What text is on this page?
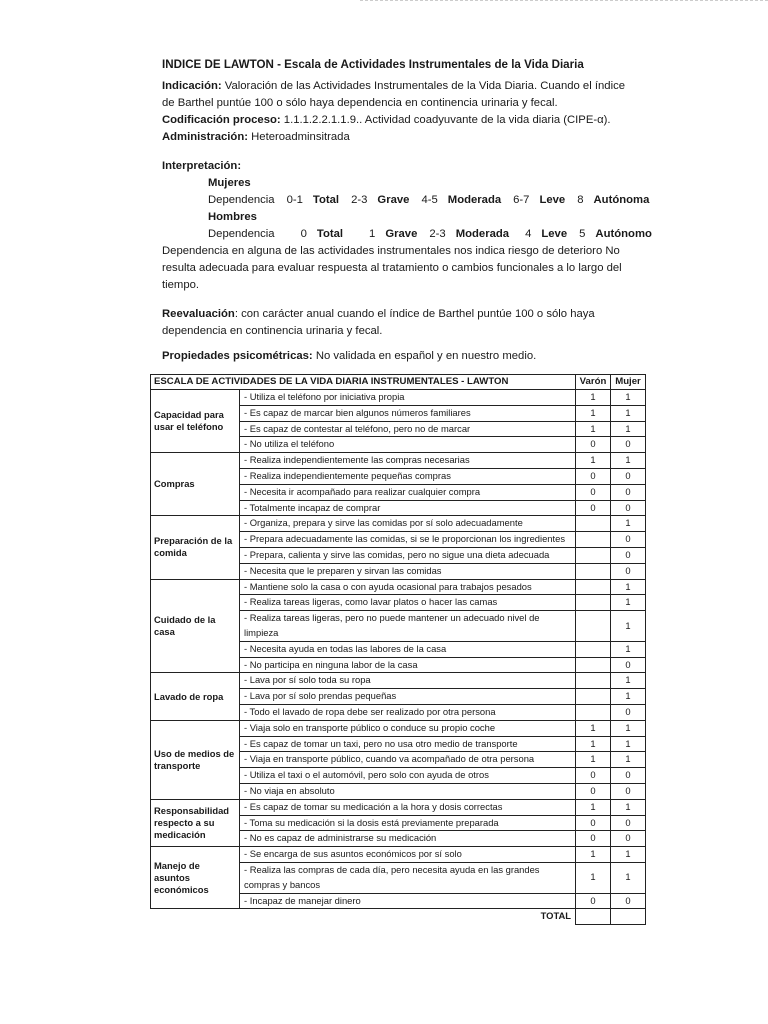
INDICE DE LAWTON - Escala de Actividades Instrumentales de la Vida Diaria

Indicación: Valoración de las Actividades Instrumentales de la Vida Diaria. Cuando el índice de Barthel puntúe 100 o sólo haya dependencia en continencia urinaria y fecal.

Codificación proceso: 1.1.1.2.2.1.1.9.. Actividad coadyuvante de la vida diaria (CIPE-α).

Administración: Heteroadminsitrada

Interpretación:

Mujeres

Dependencia 0-1 Total	2-3 Grave	4-5 Moderada	6-7 Leve	8 Autónoma

Hombres

Dependencia 0 Total	1 Grave	2-3 Moderada	4 Leve	5 Autónomo

Dependencia en alguna de las actividades instrumentales nos indica riesgo de deterioro No resulta adecuada para evaluar respuesta al tratamiento o cambios funcionales a lo largo del tiempo.

Reevaluación: con carácter anual cuando el índice de Barthel puntúe 100 o sólo haya dependencia en continencia urinaria y fecal.

Propiedades psicométricas: No validada en español y en nuestro medio.

ESCALA DE ACTIVIDADES DE LA VIDA DIARIA INSTRUMENTALES - LAWTON		Varón	Mujer
Capacidad para usar el teléfono	- Utiliza el teléfono por iniciativa propia	1	1
	- Es capaz de marcar bien algunos números familiares	1	1
	- Es capaz de contestar al teléfono, pero no de marcar	1	1
	- No utiliza el teléfono	0	0
Compras	- Realiza independientemente las compras necesarias	1	1
	- Realiza independientemente pequeñas compras	0	0
	- Necesita ir acompañado para realizar cualquier compra	0	0
	- Totalmente incapaz de comprar	0	0
Preparación de la comida	- Organiza, prepara y sirve las comidas por sí solo adecuadamente		1
	- Prepara adecuadamente las comidas, si se le proporcionan los ingredientes		0
	- Prepara, calienta y sirve las comidas, pero no sigue una dieta adecuada		0
	- Necesita que le preparen y sirvan las comidas		0
Cuidado de la casa	- Mantiene solo la casa o con ayuda ocasional para trabajos pesados		1
	- Realiza tareas ligeras, como lavar platos o hacer las camas		1
	- Realiza tareas ligeras, pero no puede mantener un adecuado nivel de limpieza		1
	- Necesita ayuda en todas las labores de la casa		1
	- No participa en ninguna labor de la casa		0
Lavado de ropa	- Lava por sí solo toda su ropa		1
	- Lava por sí solo prendas pequeñas		1
	- Todo el lavado de ropa debe ser realizado por otra persona		0
Uso de medios de transporte	- Viaja solo en transporte público o conduce su propio coche	1	1
	- Es capaz de tomar un taxi, pero no usa otro medio de transporte	1	1
	- Viaja en transporte público, cuando va acompañado de otra persona	1	1
	- Utiliza el taxi o el automóvil, pero solo con ayuda de otros	0	0
	- No viaja en absoluto	0	0
Responsabilidad respecto a su medicación	- Es capaz de tomar su medicación a la hora y dosis correctas	1	1
	- Toma su medicación si la dosis está previamente preparada	0	0
	- No es capaz de administrarse su medicación	0	0
Manejo de asuntos económicos	- Se encarga de sus asuntos económicos por sí solo	1	1
	- Realiza las compras de cada día, pero necesita ayuda en las grandes compras y bancos	1	1
	- Incapaz de manejar dinero	0	0
TOTAL			
